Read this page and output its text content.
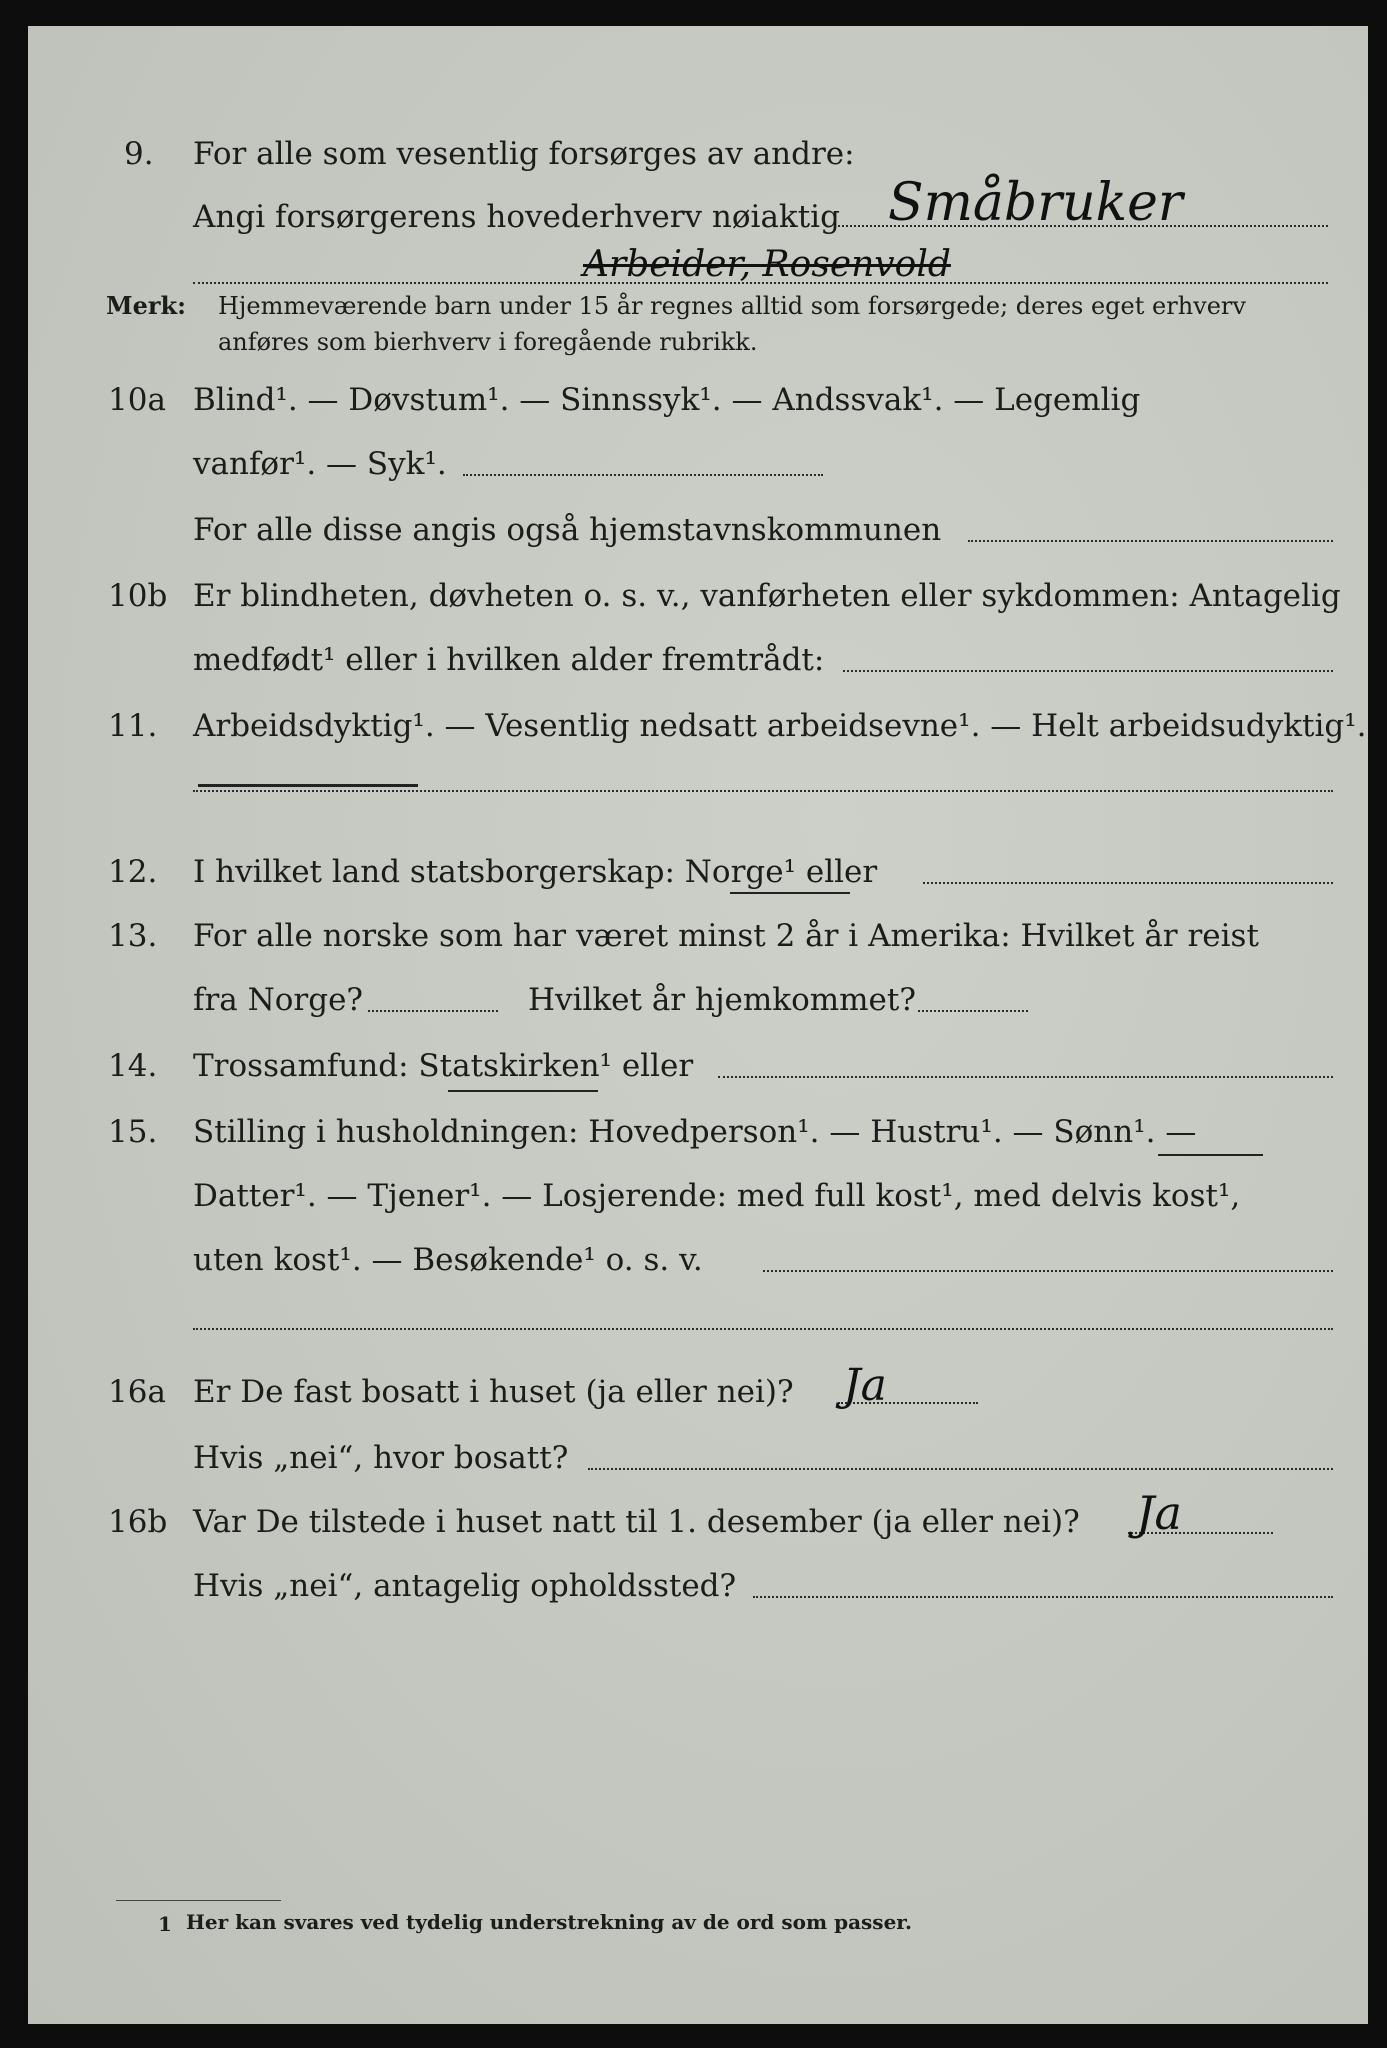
9. For alle som vesentlig forsørges av andre:
Angi forsørgerens hovederhverv nøiaktig Småbruker
Arbeider, Rosenvold
Merk: Hjemmeværende barn under 15 år regnes alltid som forsørgede; deres eget erhverv
anføres som bierhverv i foregående rubrikk.
10a Blind¹. — Døvstum¹. — Sinnssyk¹. — Andssvak¹. — Legemlig
vanfør¹. — Syk¹.
For alle disse angis også hjemstavnskommunen
10b Er blindheten, døvheten o. s. v., vanførheten eller sykdommen: Antagelig
medfødt¹ eller i hvilken alder fremtrådt:
11. Arbeidsdyktig¹. — Vesentlig nedsatt arbeidsevne¹. — Helt arbeidsudyktig¹.
12. I hvilket land statsborgerskap: Norge¹ eller
13. For alle norske som har været minst 2 år i Amerika: Hvilket år reist
fra Norge?	Hvilket år hjemkommet?
14. Trossamfund: Statskirken¹ eller
15. Stilling i husholdningen: Hovedperson¹. — Hustru¹. — Sønn¹. —
Datter¹. — Tjener¹. — Losjerende: med full kost¹, med delvis kost¹,
uten kost¹. — Besøkende¹ o. s. v.
16a Er De fast bosatt i huset (ja eller nei)? Ja
Hvis „nei“, hvor bosatt?
16b Var De tilstede i huset natt til 1. desember (ja eller nei)? Ja
Hvis „nei“, antagelig opholdssted?
1 Her kan svares ved tydelig understrekning av de ord som passer.
